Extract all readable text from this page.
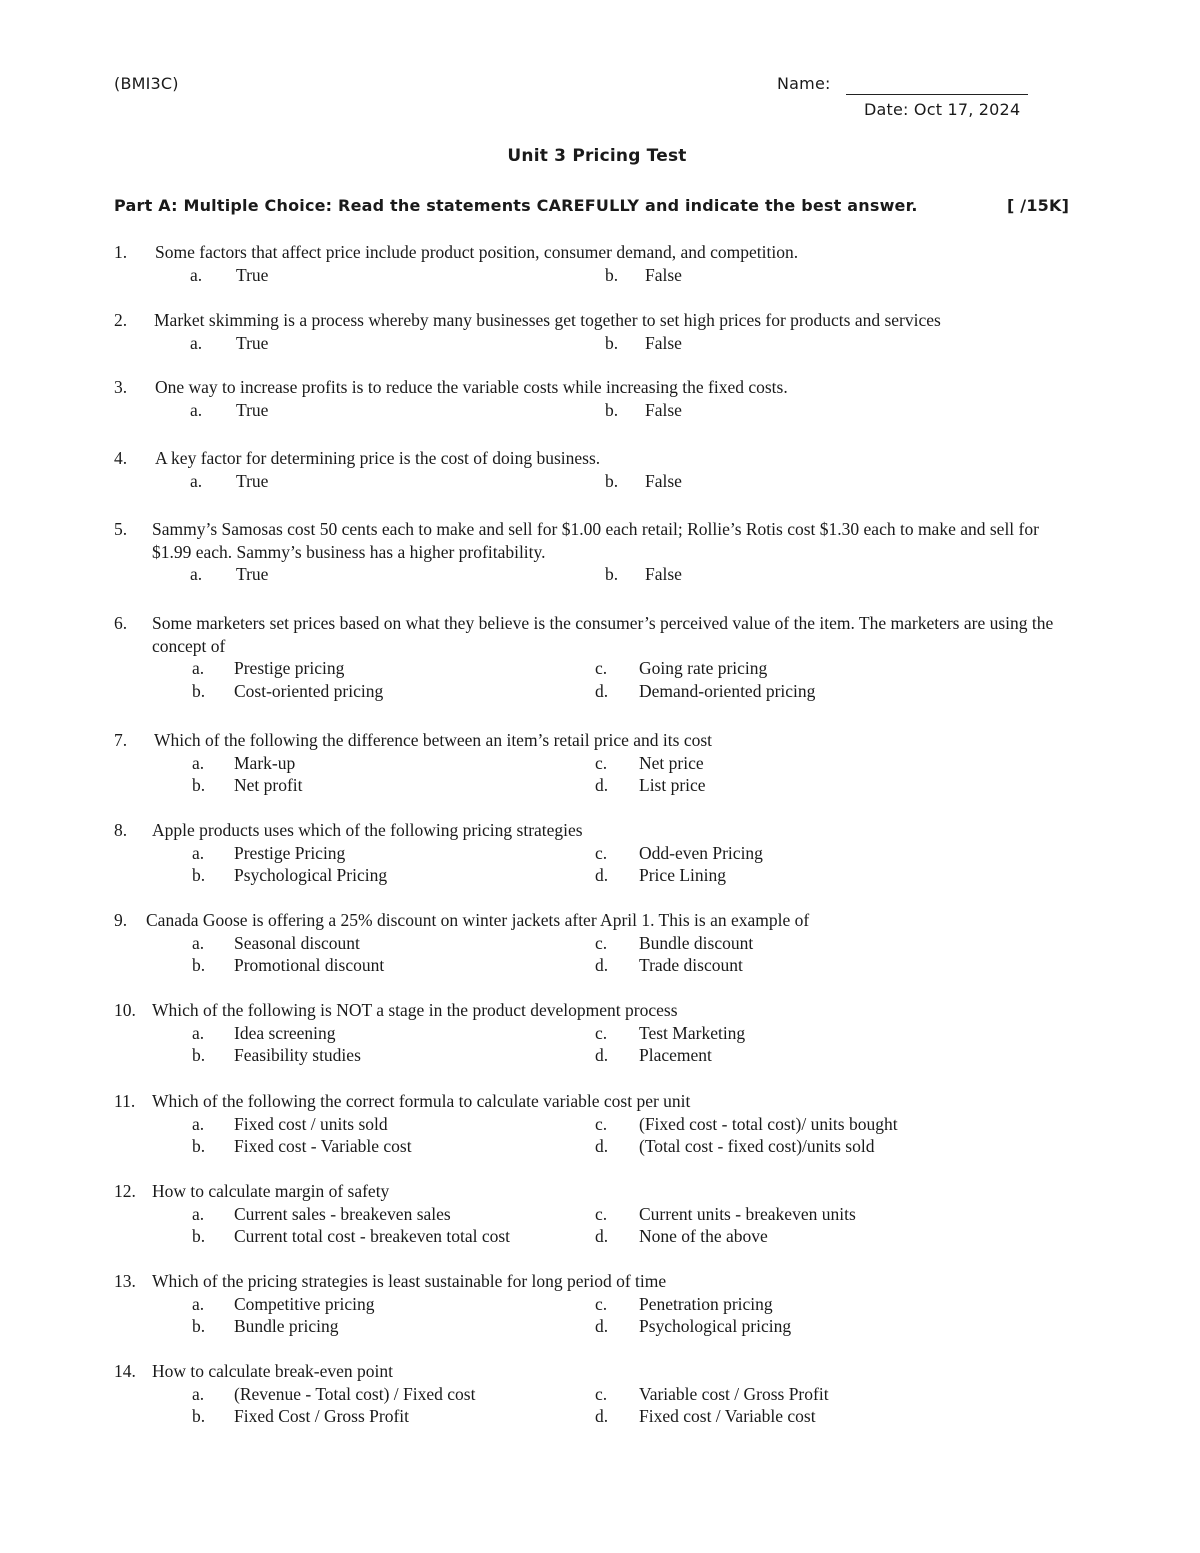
(BMI3C)	Name:
Date: Oct 17, 2024
Unit 3 Pricing Test
Part A: Multiple Choice: Read the statements CAREFULLY and indicate the best answer.	[ /15K]
1. Some factors that affect price include product position, consumer demand, and competition.
a. True	b. False
2. Market skimming is a process whereby many businesses get together to set high prices for products and services
a. True	b. False
3. One way to increase profits is to reduce the variable costs while increasing the fixed costs.
a. True	b. False
4. A key factor for determining price is the cost of doing business.
a. True	b. False
5. Sammy’s Samosas cost 50 cents each to make and sell for $1.00 each retail; Rollie’s Rotis cost $1.30 each to make and sell for $1.99 each. Sammy’s business has a higher profitability.
a. True	b. False
6. Some marketers set prices based on what they believe is the consumer’s perceived value of the item. The marketers are using the concept of
a. Prestige pricing	c. Going rate pricing
b. Cost-oriented pricing	d. Demand-oriented pricing
7. Which of the following the difference between an item’s retail price and its cost
a. Mark-up	c. Net price
b. Net profit	d. List price
8. Apple products uses which of the following pricing strategies
a. Prestige Pricing	c. Odd-even Pricing
b. Psychological Pricing	d. Price Lining
9. Canada Goose is offering a 25% discount on winter jackets after April 1. This is an example of
a. Seasonal discount	c. Bundle discount
b. Promotional discount	d. Trade discount
10. Which of the following is NOT a stage in the product development process
a. Idea screening	c. Test Marketing
b. Feasibility studies	d. Placement
11. Which of the following the correct formula to calculate variable cost per unit
a. Fixed cost / units sold	c. (Fixed cost - total cost)/ units bought
b. Fixed cost - Variable cost	d. (Total cost - fixed cost)/units sold
12. How to calculate margin of safety
a. Current sales - breakeven sales	c. Current units - breakeven units
b. Current total cost - breakeven total cost	d. None of the above
13. Which of the pricing strategies is least sustainable for long period of time
a. Competitive pricing	c. Penetration pricing
b. Bundle pricing	d. Psychological pricing
14. How to calculate break-even point
a. (Revenue - Total cost) / Fixed cost	c. Variable cost / Gross Profit
b. Fixed Cost / Gross Profit	d. Fixed cost / Variable cost
